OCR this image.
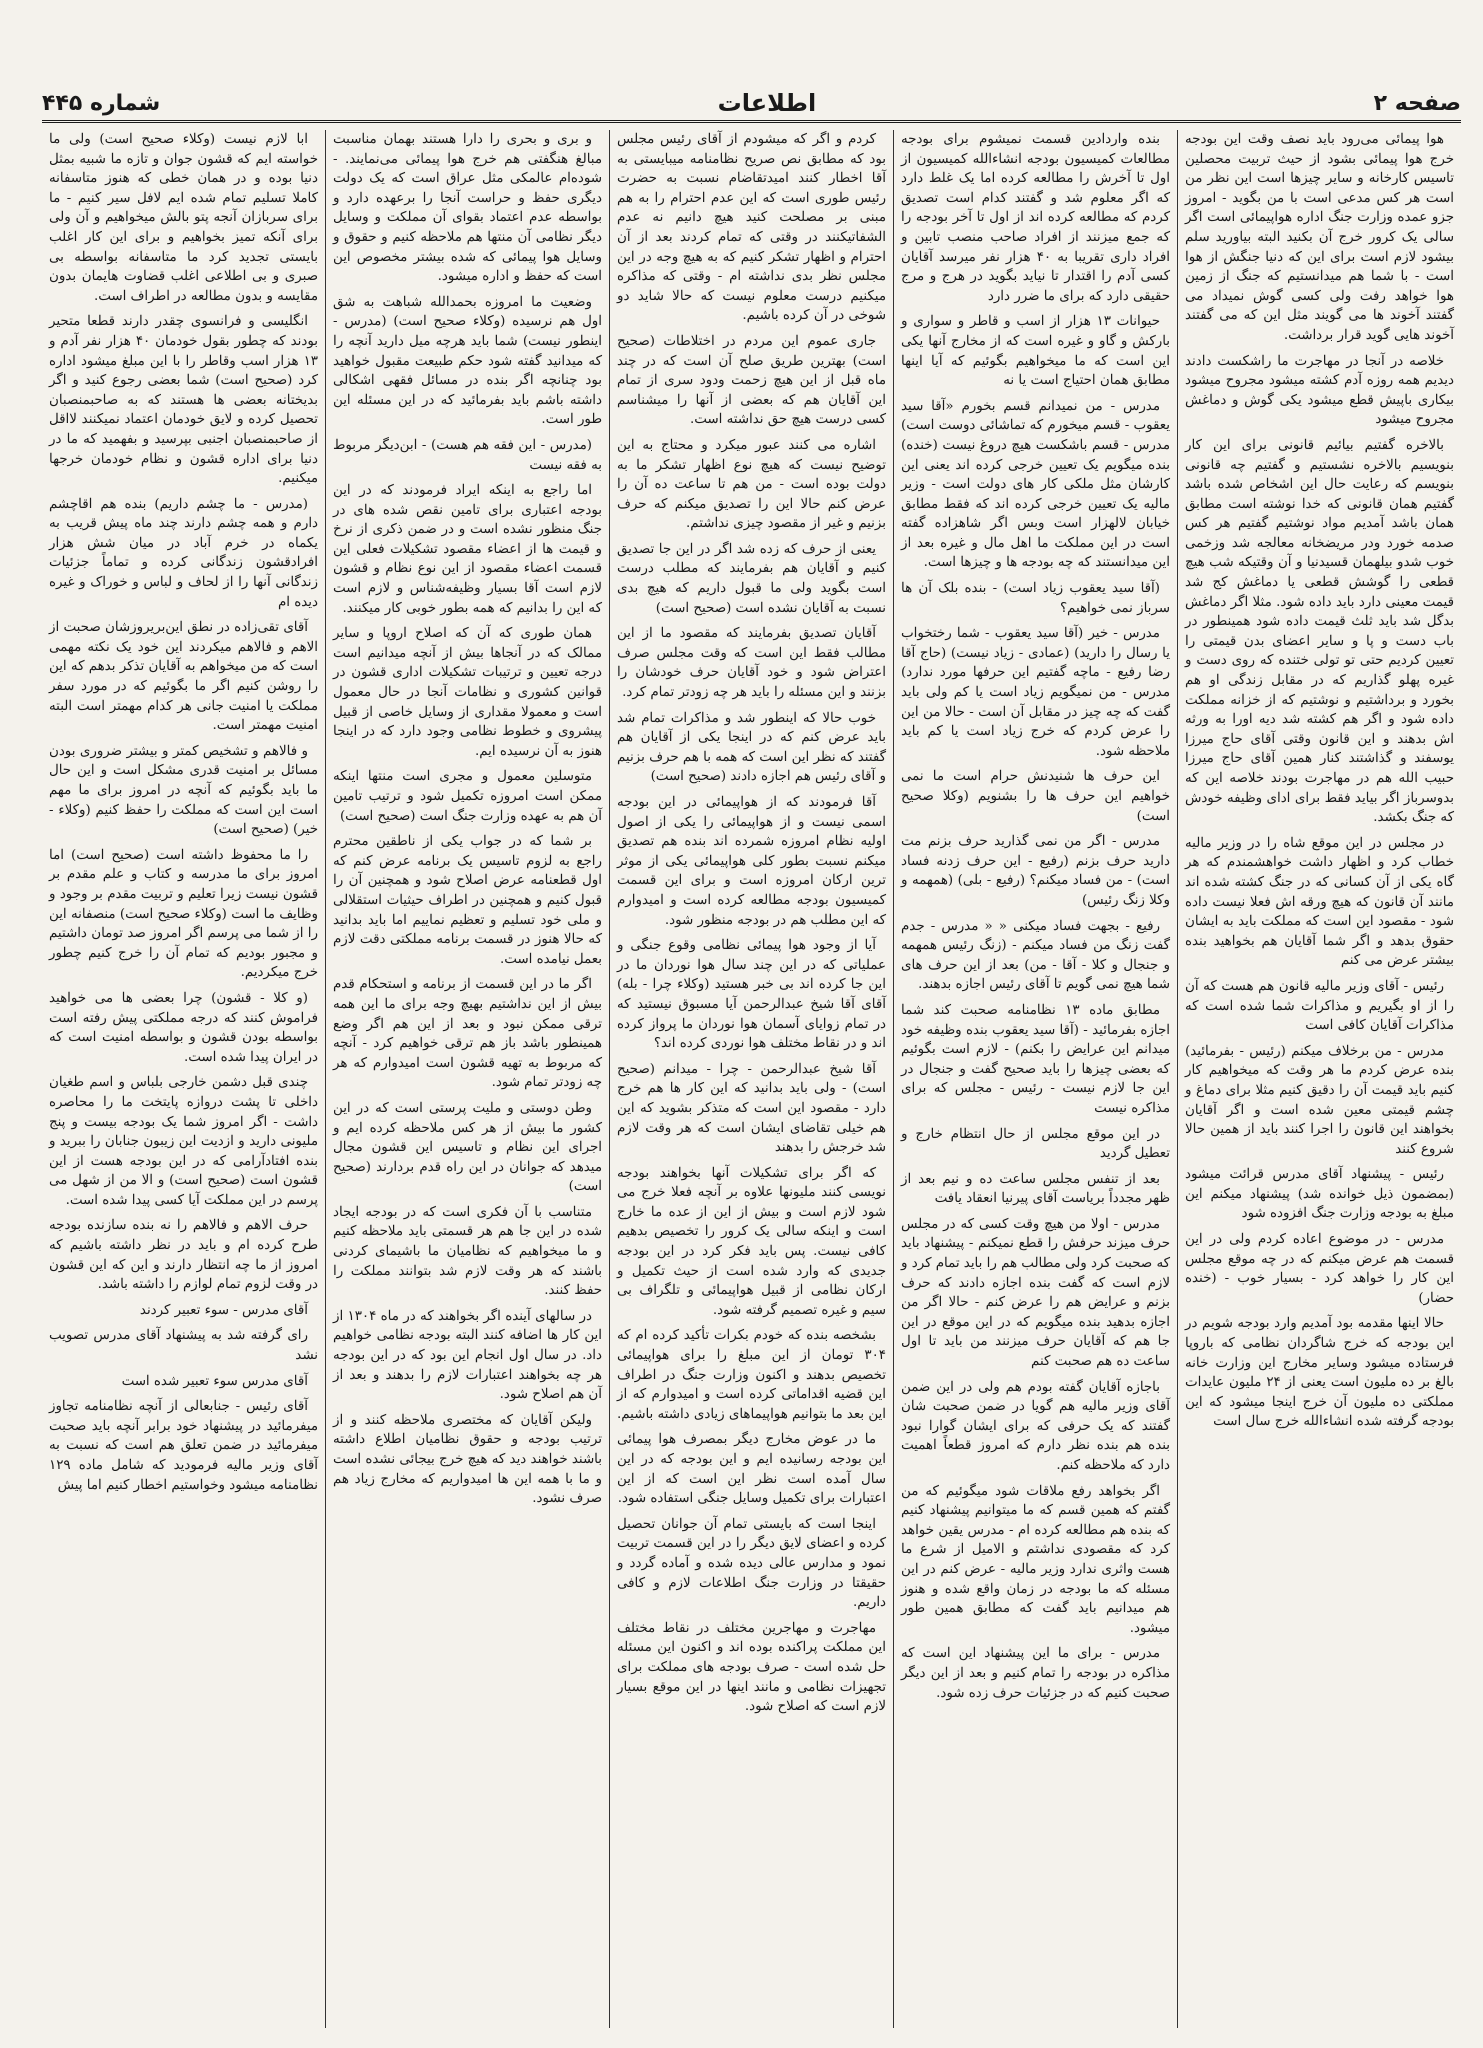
صفحه ۲
اطلاعات
شماره ۴۴۵

هوا پیمائی می‌رود باید نصف وقت این بودجه خرج هوا پیمائی بشود از حیث تربیت محصلین تاسیس کارخانه و سایر چیزها است این نظر من است هر کس مدعی است با من بگوید - امروز جزو عمده وزارت جنگ اداره هواپیمائی است اگر سالی یک کرور خرج آن بکنید البته بیاورید سلم بیشود لازم است برای این که دنیا جنگش از هوا است - با شما هم میدانستیم که جنگ از زمین هوا خواهد رفت ولی کسی گوش نمیداد می گفتند آخوند ها می گویند مثل این که می گفتند آخوند هایی گوید قرار برداشت.

خلاصه در آنجا در مهاجرت ما راشکست دادند دیدیم همه روزه آدم کشته میشود مجروح میشود بیکاری باپیش قطع میشود یکی گوش و دماغش مجروح میشود

بالاخره گفتیم بیائیم قانونی برای این کار بنویسیم بالاخره نشستیم و گفتیم چه قانونی بنویسم که رعایت حال این اشخاص شده باشد گفتیم همان قانونی که خدا نوشته است مطابق همان باشد آمدیم مواد نوشتیم گفتیم هر کس صدمه خورد ودر مریضخانه معالجه شد وزخمی خوب شدو بیلهمان قسیدنیا و آن وقتیکه شب هیچ قطعی را گوشش قطعی یا دماغش کج شد قیمت معینی دارد باید داده شود. مثلا اگر دماغش بدگل شد باید ثلث قیمت داده شود همینطور در باب دست و پا و سایر اعضای بدن قیمتی را تعیین کردیم حتی تو تولی ختنده که روی دست و غیره پهلو گذاریم که در مقابل زندگی او هم بخورد و برداشتیم و نوشتیم که از خزانه مملکت داده شود و اگر هم کشته شد دیه اورا به ورثه اش بدهند و این قانون وقتی آقای حاج میرزا یوسفند و گذاشتند کنار همین آقای حاج میرزا حبیب الله هم در مهاجرت بودند خلاصه این که بدوسرباز اگر بیاید فقط برای ادای وظیفه خودش که جنگ بکشد.

در مجلس در این موقع شاه را در وزیر مالیه خطاب کرد و اظهار داشت خواهشمندم که هر گاه یکی از آن کسانی که در جنگ کشته شده اند مانند آن قانون که هیچ ورقه اش فعلا نیست داده شود - مقصود این است که مملکت باید به ایشان حقوق بدهد و اگر شما آقایان هم بخواهید بنده بیشتر عرض می کنم

رئیس - آقای وزیر مالیه قانون هم هست که آن را از او بگیریم و مذاکرات شما شده است که مذاکرات آقایان کافی است

مدرس - من برخلاف میکنم (رئیس - بفرمائید) بنده عرض کردم ما هر وقت که میخواهیم کار کنیم باید قیمت آن را دقیق کنیم مثلا برای دماغ و چشم قیمتی معین شده است و اگر آقایان بخواهند این قانون را اجرا کنند باید از همین حالا شروع کنند

رئیس - پیشنهاد آقای مدرس قرائت میشود (بمضمون ذیل خوانده شد) پیشنهاد میکنم این مبلغ به بودجه وزارت جنگ افزوده شود

مدرس - در موضوع اعاده کردم ولی در این قسمت هم عرض میکنم که در چه موقع مجلس این کار را خواهد کرد - بسیار خوب - (خنده حضار)

حالا اینها مقدمه بود آمدیم وارد بودجه شویم در این بودجه که خرج شاگردان نظامی که باروپا فرستاده میشود وسایر مخارج این وزارت خانه بالغ بر ده ملیون است یعنی از ۲۴ ملیون عایدات مملکتی ده ملیون آن خرج اینجا میشود که این بودجه گرفته شده انشاءالله خرج سال است

بنده واردادین قسمت نمیشوم برای بودجه مطالعات کمیسیون بودجه انشاءالله کمیسیون از اول تا آخرش را مطالعه کرده اما یک غلط دارد که اگر معلوم شد و گفتند کدام است تصدیق کردم که مطالعه کرده اند از اول تا آخر بودجه را که جمع میزنند از افراد صاحب منصب تابین و افراد داری تقریبا به ۴۰ هزار نفر میرسد آقایان کسی آدم را اقتدار تا نیاید بگوید در هرج و مرج حقیقی دارد که برای ما ضرر دارد

حیوانات ۱۳ هزار از اسب و قاطر و سواری و بارکش و گاو و غیره است که از مخارج آنها یکی این است که ما میخواهیم بگوئیم که آیا اینها مطابق همان احتیاج است یا نه

مدرس - من نمیدانم قسم بخورم «آقا سید یعقوب - قسم میخورم که تماشائی دوست است) مدرس - قسم باشکست هیچ دروغ نیست (خنده) بنده میگویم یک تعیین خرجی کرده اند یعنی این کارشان مثل ملکی کار های دولت است - وزیر مالیه یک تعیین خرجی کرده اند که فقط مطابق خیابان لالهزار است وبس اگر شاهزاده گفته است در این مملکت ما اهل مال و غیره بعد از این میدانستند که چه بودجه ها و چیزها است.

(آقا سید یعقوب زیاد است) - بنده بلک آن ها سرباز نمی خواهیم؟

مدرس - خیر (آقا سید یعقوب - شما رختخواب یا رسال را دارید) (عمادی - زیاد نیست) (حاج آقا رضا رفیع - ماچه گفتیم این حرفها مورد ندارد) مدرس - من نمیگویم زیاد است یا کم ولی باید گفت که چه چیز در مقابل آن است - حالا من این را عرض کردم که خرج زیاد است یا کم باید ملاحظه شود.

این حرف ها شنیدنش حرام است ما نمی خواهیم این حرف ها را بشنویم (وکلا صحیح است)

مدرس - اگر من نمی گذارید حرف بزنم مت دارید حرف بزنم (رفیع - این حرف زدنه فساد است) - من فساد میکنم؟ (رفیع - بلی) (همهمه و وکلا زنگ رئیس)

رفیع - بجهت فساد میکنی « « مدرس - جدم گفت زنگ من فساد میکنم - (زنگ رئیس همهمه و جنجال و کلا - آقا - من) بعد از این حرف های شما هیچ نمی گویم تا آقای رئیس اجازه بدهند.

مطابق ماده ۱۳ نظامنامه صحبت کند شما اجازه بفرمائید - (آقا سید یعقوب بنده وظیفه خود میدانم این عرایض را بکنم) - لازم است بگوئیم که بعضی چیزها را باید صحیح گفت و جنجال در این جا لازم نیست - رئیس - مجلس که برای مذاکره نیست

در این موقع مجلس از حال انتظام خارج و تعطیل گردید

بعد از تنفس مجلس ساعت ده و نیم بعد از ظهر مجدداً بریاست آقای پیرنیا انعقاد یافت

مدرس - اولا من هیچ وقت کسی که در مجلس حرف میزند حرفش را قطع نمیکنم - پیشنهاد باید که صحبت کرد ولی مطالب هم را باید تمام کرد و لازم است که گفت بنده اجازه دادند که حرف بزنم و عرایض هم را عرض کنم - حالا اگر من اجازه بدهید بنده میگویم که در این موقع در این جا هم که آقایان حرف میزنند من باید تا اول ساعت ده هم صحبت کنم

باجازه آقایان گفته بودم هم ولی در این ضمن آقای وزیر مالیه هم گویا در ضمن صحبت شان گفتند که یک حرفی که برای ایشان گوارا نبود بنده هم بنده نظر دارم که امروز قطعاً اهمیت دارد که ملاحظه کنم.

اگر بخواهد رفع ملاقات شود میگوئیم که من گفتم که همین قسم که ما میتوانیم پیشنهاد کنیم که بنده هم مطالعه کرده ام - مدرس یقین خواهد کرد که مقصودی نداشتم و الامیل از شرع ما هست واثری ندارد وزیر مالیه - عرض کنم در این مسئله که ما بودجه در زمان واقع شده و هنوز هم میدانیم باید گفت که مطابق همین طور میشود.

مدرس - برای ما این پیشنهاد این است که مذاکره در بودجه را تمام کنیم و بعد از این دیگر صحبت کنیم که در جزئیات حرف زده شود.

کردم و اگر که میشودم از آقای رئیس مجلس بود که مطابق نص صریح نظامنامه میبایستی به آقا اخطار کنند امیدتقاضام نسبت به حضرت رئیس طوری است که این عدم احترام را به هم مبنی بر مصلحت کنید هیچ دانیم نه عدم الشفاتیکنند در وقتی که تمام کردند بعد از آن احترام و اظهار تشکر کنیم که به هیچ وجه در این مجلس نظر بدی نداشته ام - وقتی که مذاکره میکنیم درست معلوم نیست که حالا شاید دو شوخی در آن کرده باشیم.

جاری عموم این مردم در اختلاطات (صحیح است) بهترین طریق صلح آن است که در چند ماه قبل از این هیچ زحمت ودود سری از تمام این آقایان هم که بعضی از آنها را میشناسم کسی درست هیچ حق نداشته است.

اشاره می کنند عبور میکرد و محتاج به این توضیح نیست که هیچ نوع اظهار تشکر ما به دولت بوده است - من هم تا ساعت ده آن را عرض کنم حالا این را تصدیق میکنم که حرف بزنیم و غیر از مقصود چیزی نداشتم.

یعنی از حرف که زده شد اگر در این جا تصدیق کنیم و آقایان هم بفرمایند که مطلب درست است بگوید ولی ما قبول داریم که هیچ بدی نسبت به آقایان نشده است (صحیح است)

آقایان تصدیق بفرمایند که مقصود ما از این مطالب فقط این است که وقت مجلس صرف اعتراض شود و خود آقایان حرف خودشان را بزنند و این مسئله را باید هر چه زودتر تمام کرد.

خوب حالا که اینطور شد و مذاکرات تمام شد باید عرض کنم که در اینجا یکی از آقایان هم گفتند که نظر این است که همه با هم حرف بزنیم و آقای رئیس هم اجازه دادند (صحیح است)

آقا فرمودند که از هواپیمائی در این بودجه اسمی نیست و از هواپیمائی را یکی از اصول اولیه نظام امروزه شمرده اند بنده هم تصدیق میکنم نسبت بطور کلی هواپیمائی یکی از موثر ترین ارکان امروزه است و برای این قسمت کمیسیون بودجه مطالعه کرده است و امیدوارم که این مطلب هم در بودجه منظور شود.

آیا از وجود هوا پیمائی نظامی وقوع جنگی و عملیاتی که در این چند سال هوا نوردان ما در این جا کرده اند بی خبر هستید (وکلاء چرا - بله) آقای آقا شیخ عبدالرحمن آیا مسبوق نیستید که در تمام زوایای آسمان هوا نوردان ما پرواز کرده اند و در نقاط مختلف هوا نوردی کرده اند؟

آقا شیخ عبدالرحمن - چرا - میدانم (صحیح است) - ولی باید بدانید که این کار ها هم خرج دارد - مقصود این است که متذکر بشوید که این هم خیلی تقاضای ایشان است که هر وقت لازم شد خرجش را بدهند

که اگر برای تشکیلات آنها بخواهند بودجه نویسی کنند ملیونها علاوه بر آنچه فعلا خرج می شود لازم است و بیش از این از عده ما خارج است و اینکه سالی یک کرور را تخصیص بدهیم کافی نیست. پس باید فکر کرد در این بودجه جدیدی که وارد شده است از حیث تکمیل و ارکان نظامی از قبیل هواپیمائی و تلگراف بی سیم و غیره تصمیم گرفته شود.

بشخصه بنده که خودم بکرات تأکید کرده ام که ۳۰۴ تومان از این مبلغ را برای هواپیمائی تخصیص بدهند و اکنون وزارت جنگ در اطراف این قضیه اقداماتی کرده است و امیدوارم که از این بعد ما بتوانیم هواپیماهای زیادی داشته باشیم.

ما در عوض مخارج دیگر بمصرف هوا پیمائی این بودجه رسانیده ایم و این بودجه که در این سال آمده است نظر این است که از این اعتبارات برای تکمیل وسایل جنگی استفاده شود.

اینجا است که بایستی تمام آن جوانان تحصیل کرده و اعضای لایق دیگر را در این قسمت تربیت نمود و مدارس عالی دیده شده و آماده گردد و حقیقتا در وزارت جنگ اطلاعات لازم و کافی داریم.

مهاجرت و مهاجرین مختلف در نقاط مختلف این مملکت پراکنده بوده اند و اکنون این مسئله حل شده است - صرف بودجه های مملکت برای تجهیزات نظامی و مانند اینها در این موقع بسیار لازم است که اصلاح شود.

و بری و بحری را دارا هستند بهمان مناسبت مبالغ هنگفتی هم خرج هوا پیمائی می‌نمایند. - شوده‌ام عالمکی مثل عراق است که یک دولت دیگری حفظ و حراست آنجا را برعهده دارد و بواسطه عدم اعتماد بقوای آن مملکت و وسایل دیگر نظامی آن منتها هم ملاحظه کنیم و حقوق و وسایل هوا پیمائی که شده بیشتر مخصوص این است که حفظ و اداره میشود.

وضعیت ما امروزه بحمدالله شباهت به شق اول هم نرسیده (وکلاء صحیح است) (مدرس - اینطور نیست) شما باید هرچه میل دارید آنچه را که میدانید گفته شود حکم طبیعت مقبول خواهید بود چنانچه اگر بنده در مسائل فقهی اشکالی داشته باشم باید بفرمائید که در این مسئله این طور است.

(مدرس - این فقه هم هست) - ابن‌دیگر مربوط به فقه نیست

اما راجع به اینکه ایراد فرمودند که در این بودجه اعتباری برای تامین نقص شده های در جنگ منظور نشده است و در ضمن ذکری از نرخ و قیمت ها از اعضاء مقصود تشکیلات فعلی این قسمت اعضاء مقصود از این نوع نظام و قشون لازم است آقا بسیار وظیفه‌شناس و لازم است که این را بدانیم که همه بطور خوبی کار میکنند.

همان طوری که آن که اصلاح اروپا و سایر ممالک که در آنجاها بیش از آنچه میدانیم است درجه تعیین و ترتیبات تشکیلات اداری قشون در قوانین کشوری و نظامات آنجا در حال معمول است و معمولا مقداری از وسایل خاصی از قبیل پیشروی و خطوط نظامی وجود دارد که در اینجا هنوز به آن نرسیده ایم.

متوسلین معمول و مجری است منتها اینکه ممکن است امروزه تکمیل شود و ترتیب تامین آن هم به عهده وزارت جنگ است (صحیح است)

بر شما که در جواب یکی از ناطقین محترم راجع به لزوم تاسیس یک برنامه عرض کنم که اول قطعنامه عرض اصلاح شود و همچنین آن را قبول کنیم و همچنین در اطراف حیثیات استقلالی و ملی خود تسلیم و تعظیم نماییم اما باید بدانید که حالا هنوز در قسمت برنامه مملکتی دقت لازم بعمل نیامده است.

اگر ما در این قسمت از برنامه و استحکام قدم بیش از این نداشتیم بهیچ وجه برای ما این همه ترقی ممکن نبود و بعد از این هم اگر وضع همینطور باشد باز هم ترقی خواهیم کرد - آنچه که مربوط به تهیه قشون است امیدوارم که هر چه زودتر تمام شود.

وطن دوستی و ملیت پرستی است که در این کشور ما بیش از هر کس ملاحظه کرده ایم و اجرای این نظام و تاسیس این قشون مجال میدهد که جوانان در این راه قدم بردارند (صحیح است)

متناسب با آن فکری است که در بودجه ایجاد شده در این جا هم هر قسمتی باید ملاحظه کنیم و ما میخواهیم که نظامیان ما باشیمای کردنی باشند که هر وقت لازم شد بتوانند مملکت را حفظ کنند.

در سالهای آینده اگر بخواهند که در ماه ۱۳۰۴ از این کار ها اضافه کنند البته بودجه نظامی خواهیم داد. در سال اول انجام این بود که در این بودجه هر چه بخواهند اعتبارات لازم را بدهند و بعد از آن هم اصلاح شود.

ولیکن آقایان که مختصری ملاحظه کنند و از ترتیب بودجه و حقوق نظامیان اطلاع داشته باشند خواهند دید که هیچ خرج بیجائی نشده است و ما با همه این ها امیدواریم که مخارج زیاد هم صرف نشود.

ابا لازم نیست (وکلاء صحیح است) ولی ما خواسته ایم که قشون جوان و تازه ما شبیه بمثل دنیا بوده و در همان خطی که هنوز متاسفانه کاملا تسلیم تمام شده ایم لافل سیر کنیم - ما برای سربازان آنجه پتو بالش میخواهیم و آن ولی برای آنکه تمیز بخواهیم و برای این کار اغلب بایستی تجدید کرد ما متاسفانه بواسطه بی صبری و بی اطلاعی اغلب قضاوت هایمان بدون مقایسه و بدون مطالعه در اطراف است.

انگلیسی و فرانسوی چقدر دارند قطعا متحیر بودند که چطور بقول خودمان ۴۰ هزار نفر آدم و ۱۳ هزار اسب وقاطر را با این مبلغ میشود اداره کرد (صحیح است) شما بعضی رجوع کنید و اگر بدیختانه بعضی ها هستند که به صاحبمنصبان تحصیل کرده و لایق خودمان اعتماد نمیکنند لااقل از صاحبمنصبان اجنبی بپرسید و بفهمید که ما در دنیا برای اداره قشون و نظام خودمان خرجها میکنیم.

(مدرس - ما چشم داریم) بنده هم اقاچشم دارم و همه چشم دارند چند ماه پیش قریب به یکماه در خرم آباد در میان شش هزار افرادقشون زندگانی کرده و تماماً جزئیات زندگانی آنها را از لحاف و لباس و خوراک و غیره دیده ام

آقای تقی‌زاده در نطق این‌بریروزشان صحبت از الاهم و فالاهم میکردند این خود یک نکته مهمی است که من میخواهم به آقایان تذکر بدهم که این را روشن کنیم اگر ما بگوئیم که در مورد سفر مملکت یا امنیت جانی هر کدام مهمتر است البته امنیت مهمتر است.

و فالاهم و تشخیص کمتر و بیشتر ضروری بودن مسائل بر امنیت قدری مشکل است و این حال ما باید بگوئیم که آنچه در امروز برای ما مهم است این است که مملکت را حفظ کنیم (وکلاء - خیر) (صحیح است)

را ما محفوظ داشته است (صحیح است) اما امروز برای ما مدرسه و کتاب و علم مقدم بر قشون نیست زیرا تعلیم و تربیت مقدم بر وجود و وظایف ما است (وکلاء صحیح است) منصفانه این را از شما می پرسم اگر امروز صد تومان داشتیم و مجبور بودیم که تمام آن را خرج کنیم چطور خرج میکردیم.

(و کلا - قشون) چرا بعضی ها می خواهید فراموش کنند که درجه مملکتی پیش رفته است بواسطه بودن قشون و بواسطه امنیت است که در ایران پیدا شده است.

چندی قبل دشمن خارجی بلباس و اسم طغیان داخلی تا پشت دروازه پایتخت ما را محاصره داشت - اگر امروز شما یک بودجه بیست و پنج ملیونی دارید و ازدیت این زیبون جنابان را ببرید و بنده افتادآرامی که در این بودجه هست از این قشون است (صحیح است) و الا من از شهل می پرسم در این مملکت آیا کسی پیدا شده است.

حرف الاهم و فالاهم را نه بنده سازنده بودجه طرح کرده ام و باید در نظر داشته باشیم که امروز از ما چه انتظار دارند و این که این قشون در وقت لزوم تمام لوازم را داشته باشد.

آقای مدرس - سوء تعبیر کردند

رای گرفته شد به پیشنهاد آقای مدرس تصویب نشد

آقای مدرس سوء تعبیر شده است

آقای رئیس - جنابعالی از آنچه نظامنامه تجاوز میفرمائید در پیشنهاد خود برابر آنچه باید صحبت میفرمائید در ضمن تعلق هم است که نسبت به آقای وزیر مالیه فرمودید که شامل ماده ۱۲۹ نظامنامه میشود وخواستیم اخطار کنیم اما پیش
